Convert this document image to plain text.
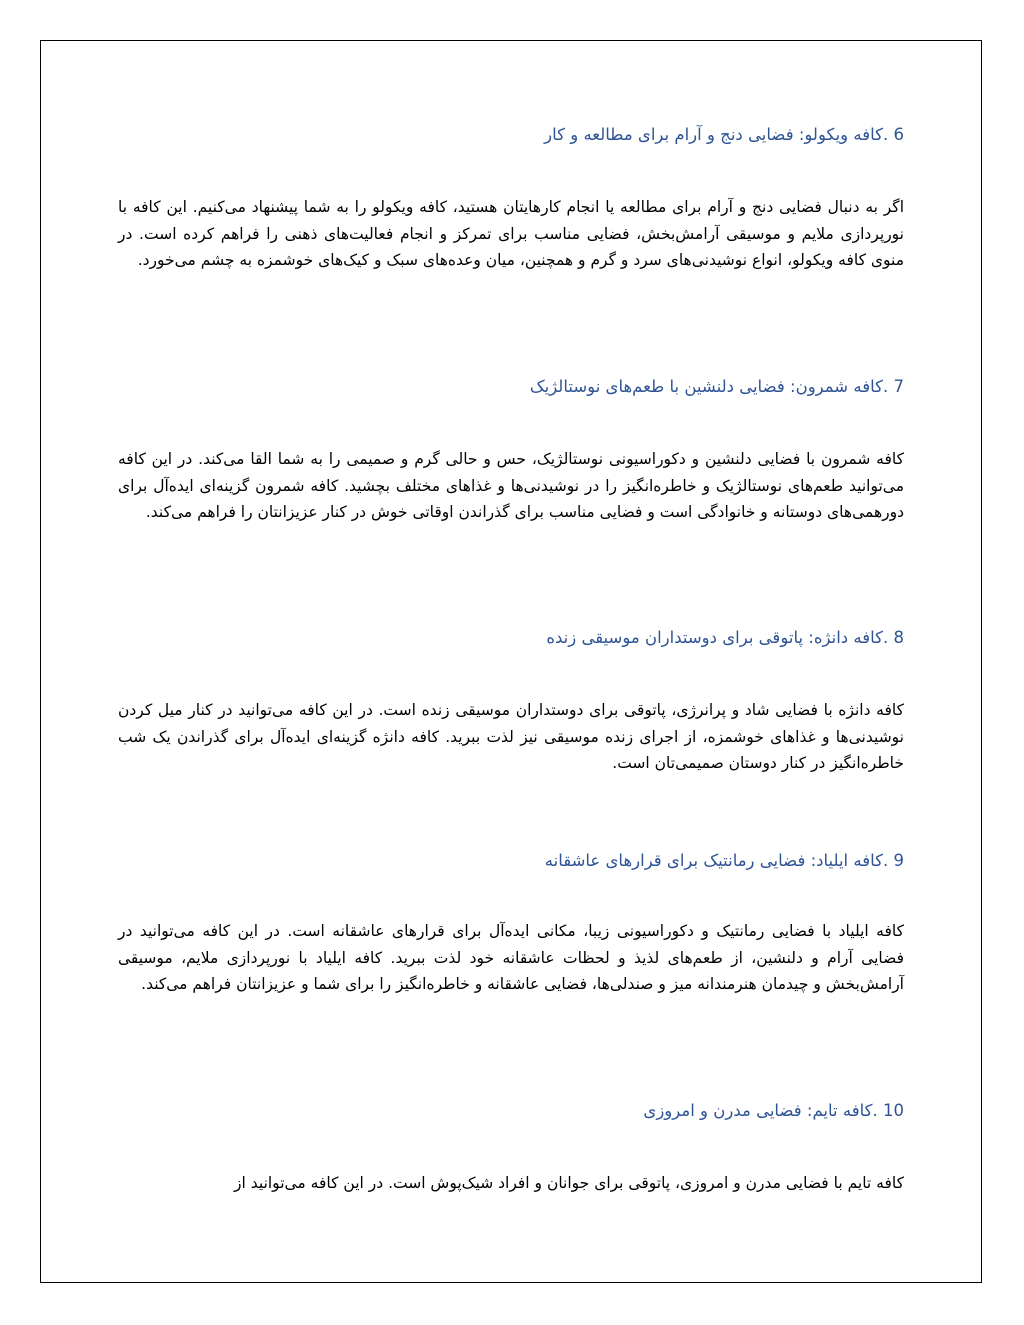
6 .کافه ویکولو: فضایی دنج و آرام برای مطالعه و کار

اگر به دنبال فضایی دنج و آرام برای مطالعه یا انجام کارهایتان هستید، کافه ویکولو را به شما پیشنهاد می‌کنیم. این کافه با نورپردازی ملایم و موسیقی آرامش‌بخش، فضایی مناسب برای تمرکز و انجام فعالیت‌های ذهنی را فراهم کرده است. در منوی کافه ویکولو، انواع نوشیدنی‌های سرد و گرم و همچنین، میان وعده‌های سبک و کیک‌های خوشمزه به چشم می‌خورد.

7 .کافه شمرون: فضایی دلنشین با طعم‌های نوستالژیک

کافه شمرون با فضایی دلنشین و دکوراسیونی نوستالژیک، حس و حالی گرم و صمیمی را به شما القا می‌کند. در این کافه می‌توانید طعم‌های نوستالژیک و خاطره‌انگیز را در نوشیدنی‌ها و غذاهای مختلف بچشید. کافه شمرون گزینه‌ای ایده‌آل برای دورهمی‌های دوستانه و خانوادگی است و فضایی مناسب برای گذراندن اوقاتی خوش در کنار عزیزانتان را فراهم می‌کند.

8 .کافه دانژه: پاتوقی برای دوستداران موسیقی زنده

کافه دانژه با فضایی شاد و پرانرژی، پاتوقی برای دوستداران موسیقی زنده است. در این کافه می‌توانید در کنار میل کردن نوشیدنی‌ها و غذاهای خوشمزه، از اجرای زنده موسیقی نیز لذت ببرید. کافه دانژه گزینه‌ای ایده‌آل برای گذراندن یک شب خاطره‌انگیز در کنار دوستان صمیمی‌تان است.

9 .کافه ایلیاد: فضایی رمانتیک برای قرارهای عاشقانه

کافه ایلیاد با فضایی رمانتیک و دکوراسیونی زیبا، مکانی ایده‌آل برای قرارهای عاشقانه است. در این کافه می‌توانید در فضایی آرام و دلنشین، از طعم‌های لذیذ و لحظات عاشقانه خود لذت ببرید. کافه ایلیاد با نورپردازی ملایم، موسیقی آرامش‌بخش و چیدمان هنرمندانه میز و صندلی‌ها، فضایی عاشقانه و خاطره‌انگیز را برای شما و عزیزانتان فراهم می‌کند.

10 .کافه تایم: فضایی مدرن و امروزی

کافه تایم با فضایی مدرن و امروزی، پاتوقی برای جوانان و افراد شیک‌پوش است. در این کافه می‌توانید از
